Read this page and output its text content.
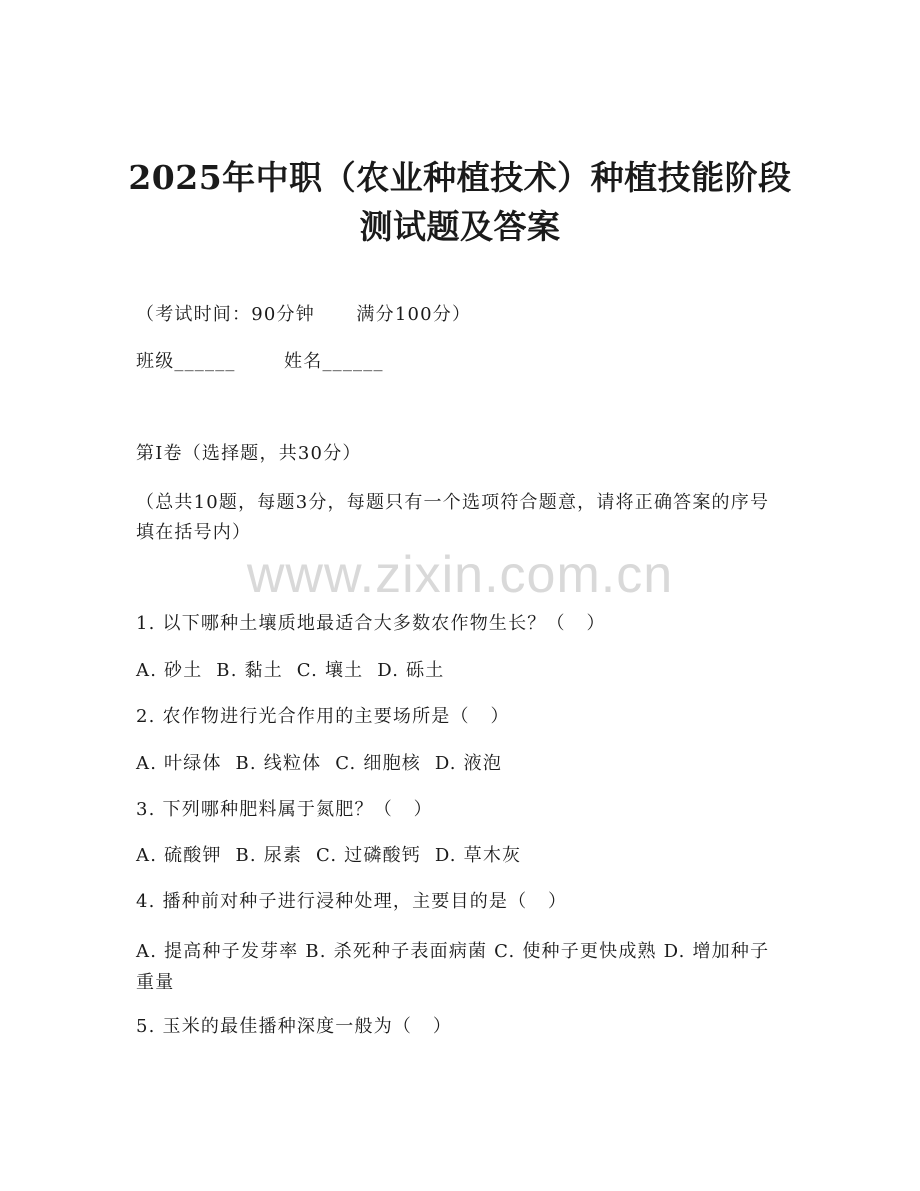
2025年中职（农业种植技术）种植技能阶段
测试题及答案
（考试时间：90分钟      满分100分）
班级______       姓名______
第I卷（选择题，共30分）
（总共10题，每题3分，每题只有一个选项符合题意，请将正确答案的序号填在括号内）
www.zixin.com.cn
1. 以下哪种土壤质地最适合大多数农作物生长？（   ）
A. 砂土  B. 黏土  C. 壤土  D. 砾土
2. 农作物进行光合作用的主要场所是（   ）
A. 叶绿体  B. 线粒体  C. 细胞核  D. 液泡
3. 下列哪种肥料属于氮肥？（   ）
A. 硫酸钾  B. 尿素  C. 过磷酸钙  D. 草木灰
4. 播种前对种子进行浸种处理，主要目的是（   ）
A. 提高种子发芽率 B. 杀死种子表面病菌 C. 使种子更快成熟 D. 增加种子重量
5. 玉米的最佳播种深度一般为（   ）
